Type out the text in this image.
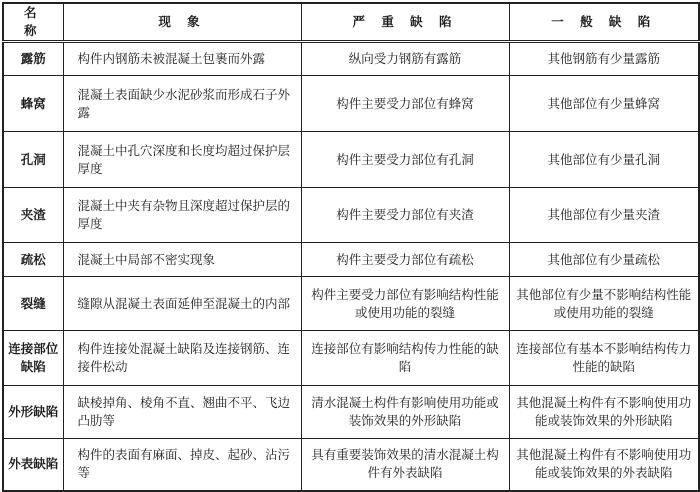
名 称	现 象	严 重 缺 陷	一 般 缺 陷
露筋	构件内钢筋未被混凝土包裹而外露	纵向受力钢筋有露筋	其他钢筋有少量露筋
蜂窝	混凝土表面缺少水泥砂浆而形成石子外露	构件主要受力部位有蜂窝	其他部位有少量蜂窝
孔洞	混凝土中孔穴深度和长度均超过保护层厚度	构件主要受力部位有孔洞	其他部位有少量孔洞
夹渣	混凝土中夹有杂物且深度超过保护层的厚度	构件主要受力部位有夹渣	其他部位有少量夹渣
疏松	混凝土中局部不密实现象	构件主要受力部位有疏松	其他部位有少量疏松
裂缝	缝隙从混凝土表面延伸至混凝土的内部	构件主要受力部位有影响结构性能或使用功能的裂缝	其他部位有少量不影响结构性能或使用功能的裂缝
连接部位缺陷	构件连接处混凝土缺陷及连接钢筋、连接件松动	连接部位有影响结构传力性能的缺陷	连接部位有基本不影响结构传力性能的缺陷
外形缺陷	缺棱掉角、棱角不直、翘曲不平、飞边凸肋等	清水混凝土构件有影响使用功能或装饰效果的外形缺陷	其他混凝土构件有不影响使用功能或装饰效果的外形缺陷
外表缺陷	构件的表面有麻面、掉皮、起砂、沾污等	具有重要装饰效果的清水混凝土构件有外表缺陷	其他混凝土构件有不影响使用功能或装饰效果的外表缺陷
